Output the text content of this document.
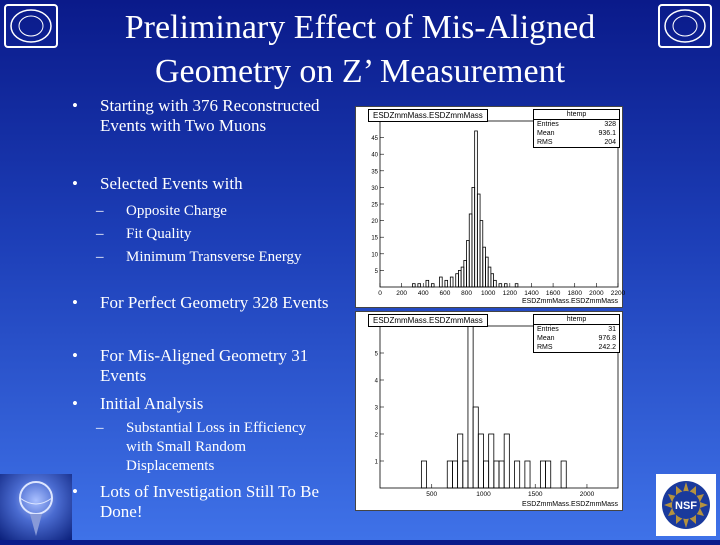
Preliminary Effect of Mis-Aligned
Geometry on Z’ Measurement
• Starting with 376 Reconstructed Events with Two Muons
• Selected Events with
– Opposite Charge
– Fit Quality
– Minimum Transverse Energy
• For Perfect Geometry 328 Events
• For Mis-Aligned Geometry 31 Events
• Initial Analysis
– Substantial Loss in Efficiency with Small Random Displacements
• Lots of Investigation Still To Be Done!
5
10
15
20
25
30
35
40
45
0 200 400 600 800 1000 1200 1400 1600 1800 2000 2200
ESDZmmMass.ESDZmmMass	htemp
Entries	328
Mean	936.1
RMS	204
ESDZmmMass.ESDZmmMass
1
2
3
4
5
500	1000	1500	2000
ESDZmmMass.ESDZmmMass	htemp
Entries	31
Mean	976.8
RMS	242.2
ESDZmmMass.ESDZmmMass	NSF
